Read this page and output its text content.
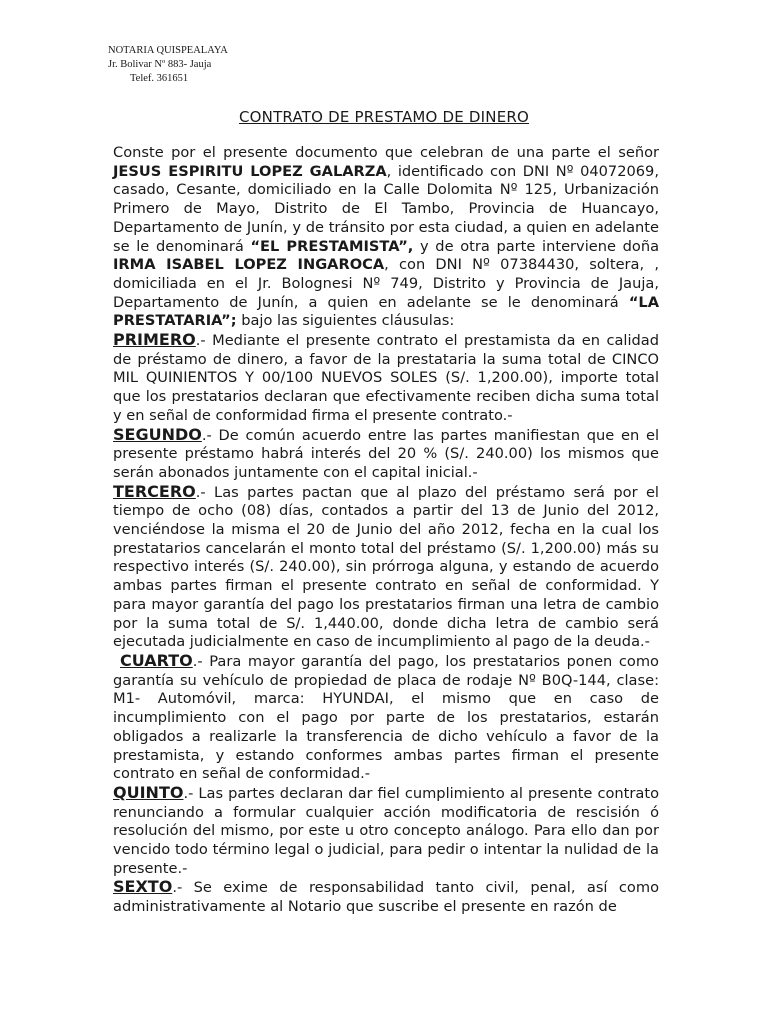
NOTARIA QUISPEALAYA
Jr. Bolivar Nº 883- Jauja
Telef. 361651
CONTRATO DE PRESTAMO DE DINERO

Conste por el presente documento que celebran de una parte el señor JESUS ESPIRITU LOPEZ GALARZA, identificado con DNI Nº 04072069, casado, Cesante, domiciliado en la Calle Dolomita Nº 125, Urbanización Primero de Mayo, Distrito de El Tambo, Provincia de Huancayo, Departamento de Junín, y de tránsito por esta ciudad, a quien en adelante se le denominará “EL PRESTAMISTA”, y de otra parte interviene doña IRMA ISABEL LOPEZ INGAROCA, con DNI Nº 07384430, soltera, , domiciliada en el Jr. Bolognesi Nº 749, Distrito y Provincia de Jauja, Departamento de Junín, a quien en adelante se le denominará “LA PRESTATARIA”; bajo las siguientes cláusulas:

PRIMERO.- Mediante el presente contrato el prestamista da en calidad de préstamo de dinero, a favor de la prestataria la suma total de CINCO MIL QUINIENTOS Y 00/100 NUEVOS SOLES (S/. 1,200.00), importe total que los prestatarios declaran que efectivamente reciben dicha suma total y en señal de conformidad firma el presente contrato.-

SEGUNDO.- De común acuerdo entre las partes manifiestan que en el presente préstamo habrá interés del 20 % (S/. 240.00) los mismos que serán abonados juntamente con el capital inicial.-

TERCERO.- Las partes pactan que al plazo del préstamo será por el tiempo de ocho (08) días, contados a partir del 13 de Junio del 2012, venciéndose la misma el 20 de Junio del año 2012, fecha en la cual los prestatarios cancelarán el monto total del préstamo (S/. 1,200.00) más su respectivo interés (S/. 240.00), sin prórroga alguna, y estando de acuerdo ambas partes firman el presente contrato en señal de conformidad. Y para mayor garantía del pago los prestatarios firman una letra de cambio por la suma total de S/. 1,440.00, donde dicha letra de cambio será ejecutada judicialmente en caso de incumplimiento al pago de la deuda.-

CUARTO.- Para mayor garantía del pago, los prestatarios ponen como garantía su vehículo de propiedad de placa de rodaje Nº B0Q-144, clase: M1- Automóvil, marca: HYUNDAI, el mismo que en caso de incumplimiento con el pago por parte de los prestatarios, estarán obligados a realizarle la transferencia de dicho vehículo a favor de la prestamista, y estando conformes ambas partes firman el presente contrato en señal de conformidad.-

QUINTO.- Las partes declaran dar fiel cumplimiento al presente contrato renunciando a formular cualquier acción modificatoria de rescisión ó resolución del mismo, por este u otro concepto análogo. Para ello dan por vencido todo término legal o judicial, para pedir o intentar la nulidad de la presente.-

SEXTO.- Se exime de responsabilidad tanto civil, penal, así como administrativamente al Notario que suscribe el presente en razón de
